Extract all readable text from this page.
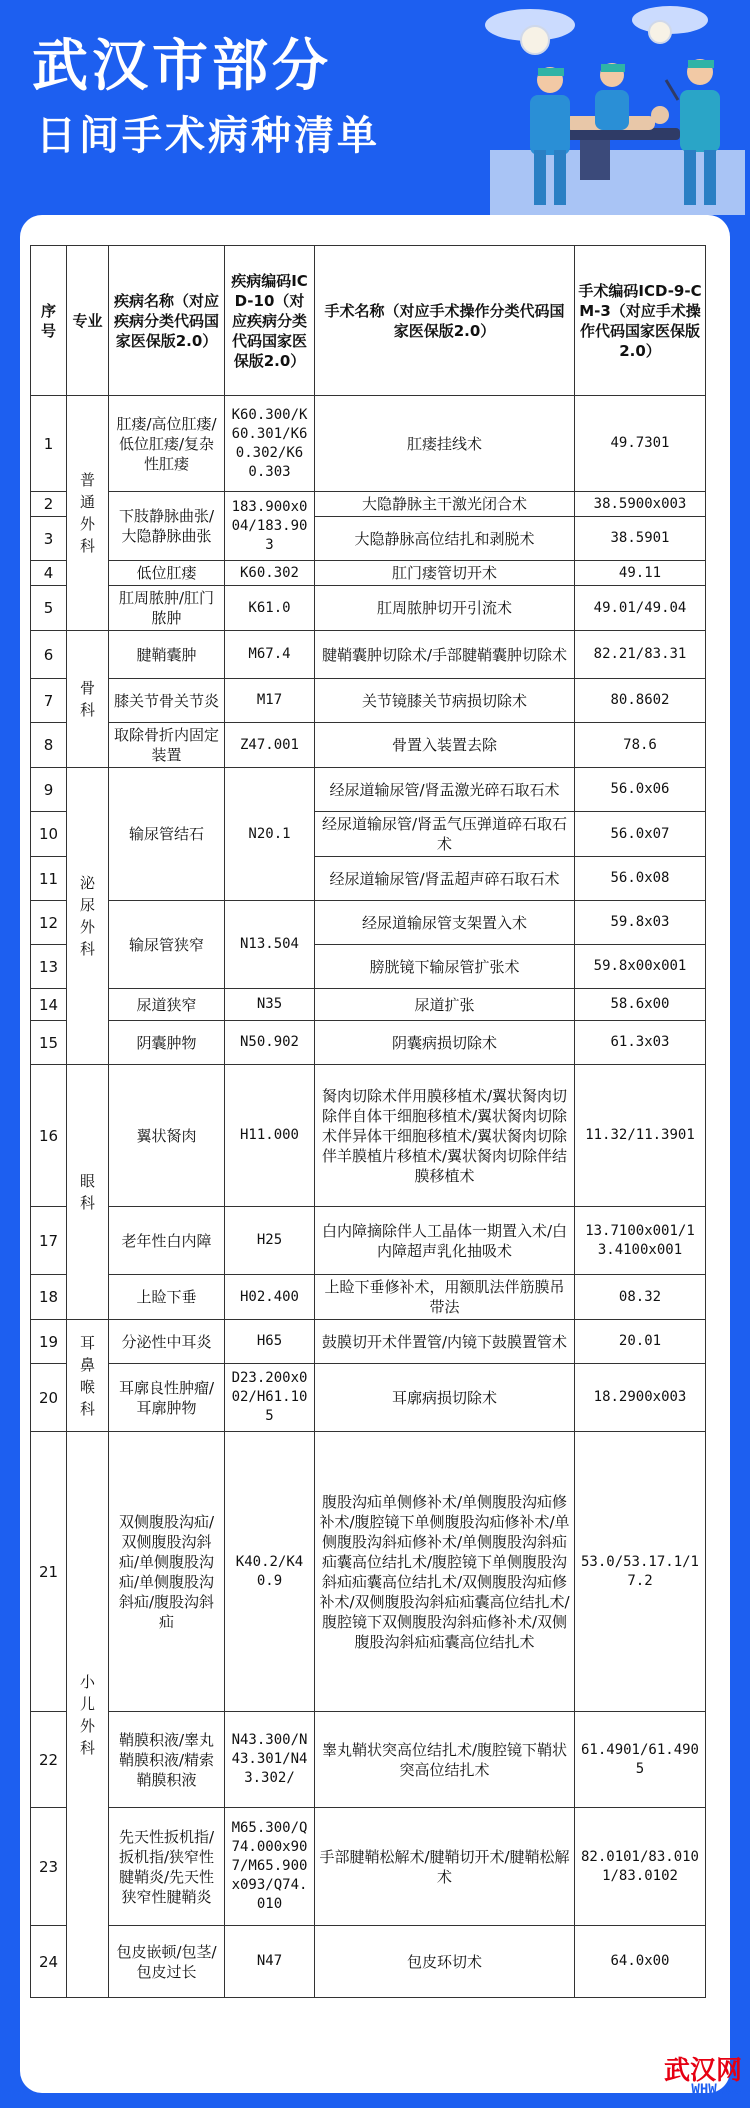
武汉市部分
日间手术病种清单
序号	专业	疾病名称（对应疾病分类代码国家医保版2.0）	疾病编码ICD-10（对应疾病分类代码国家医保版2.0）	手术名称（对应手术操作分类代码国家医保版2.0）	手术编码ICD-9-CM-3（对应手术操作代码国家医保版2.0）
1	普通外科	肛瘘/高位肛瘘/低位肛瘘/复杂性肛瘘	K60.300/K60.301/K60.302/K60.303	肛瘘挂线术	49.7301
2		下肢静脉曲张/大隐静脉曲张	183.900x004/183.903	大隐静脉主干激光闭合术	38.5900x003
3				大隐静脉高位结扎和剥脱术	38.5901
4		低位肛瘘	K60.302	肛门瘘管切开术	49.11
5		肛周脓肿/肛门脓肿	K61.0	肛周脓肿切开引流术	49.01/49.04
6	骨科	腱鞘囊肿	M67.4	腱鞘囊肿切除术/手部腱鞘囊肿切除术	82.21/83.31
7		膝关节骨关节炎	M17	关节镜膝关节病损切除术	80.8602
8		取除骨折内固定装置	Z47.001	骨置入装置去除	78.6
9	泌尿外科	输尿管结石	N20.1	经尿道输尿管/肾盂激光碎石取石术	56.0x06
10				经尿道输尿管/肾盂气压弹道碎石取石术	56.0x07
11				经尿道输尿管/肾盂超声碎石取石术	56.0x08
12		输尿管狭窄	N13.504	经尿道输尿管支架置入术	59.8x03
13				膀胱镜下输尿管扩张术	59.8x00x001
14		尿道狭窄	N35	尿道扩张	58.6x00
15		阴囊肿物	N50.902	阴囊病损切除术	61.3x03
16	眼科	翼状胬肉	H11.000	胬肉切除术伴用膜移植术/翼状胬肉切除伴自体干细胞移植术/翼状胬肉切除术伴异体干细胞移植术/翼状胬肉切除伴羊膜植片移植术/翼状胬肉切除伴结膜移植术	11.32/11.3901
17		老年性白内障	H25	白内障摘除伴人工晶体一期置入术/白内障超声乳化抽吸术	13.7100x001/13.4100x001
18		上睑下垂	H02.400	上睑下垂修补术，用额肌法伴筋膜吊带法	08.32
19	耳鼻喉科	分泌性中耳炎	H65	鼓膜切开术伴置管/内镜下鼓膜置管术	20.01
20		耳廓良性肿瘤/耳廓肿物	D23.200x002/H61.105	耳廓病损切除术	18.2900x003
21	小儿外科	双侧腹股沟疝/双侧腹股沟斜疝/单侧腹股沟疝/单侧腹股沟斜疝/腹股沟斜疝	K40.2/K40.9	腹股沟疝单侧修补术/单侧腹股沟疝修补术/腹腔镜下单侧腹股沟疝修补术/单侧腹股沟斜疝修补术/单侧腹股沟斜疝疝囊高位结扎术/腹腔镜下单侧腹股沟斜疝疝囊高位结扎术/双侧腹股沟疝修补术/双侧腹股沟斜疝疝囊高位结扎术/腹腔镜下双侧腹股沟斜疝修补术/双侧腹股沟斜疝疝囊高位结扎术	53.0/53.17.1/17.2
22		鞘膜积液/睾丸鞘膜积液/精索鞘膜积液	N43.300/N43.301/N43.302/	睾丸鞘状突高位结扎术/腹腔镜下鞘状突高位结扎术	61.4901/61.4905
23		先天性扳机指/扳机指/狭窄性腱鞘炎/先天性狭窄性腱鞘炎	M65.300/Q74.000x907/M65.900x093/Q74.010	手部腱鞘松解术/腱鞘切开术/腱鞘松解术	82.0101/83.0101/83.0102
24		包皮嵌顿/包茎/包皮过长	N47	包皮环切术	64.0x00
武汉网
WHW.CC
